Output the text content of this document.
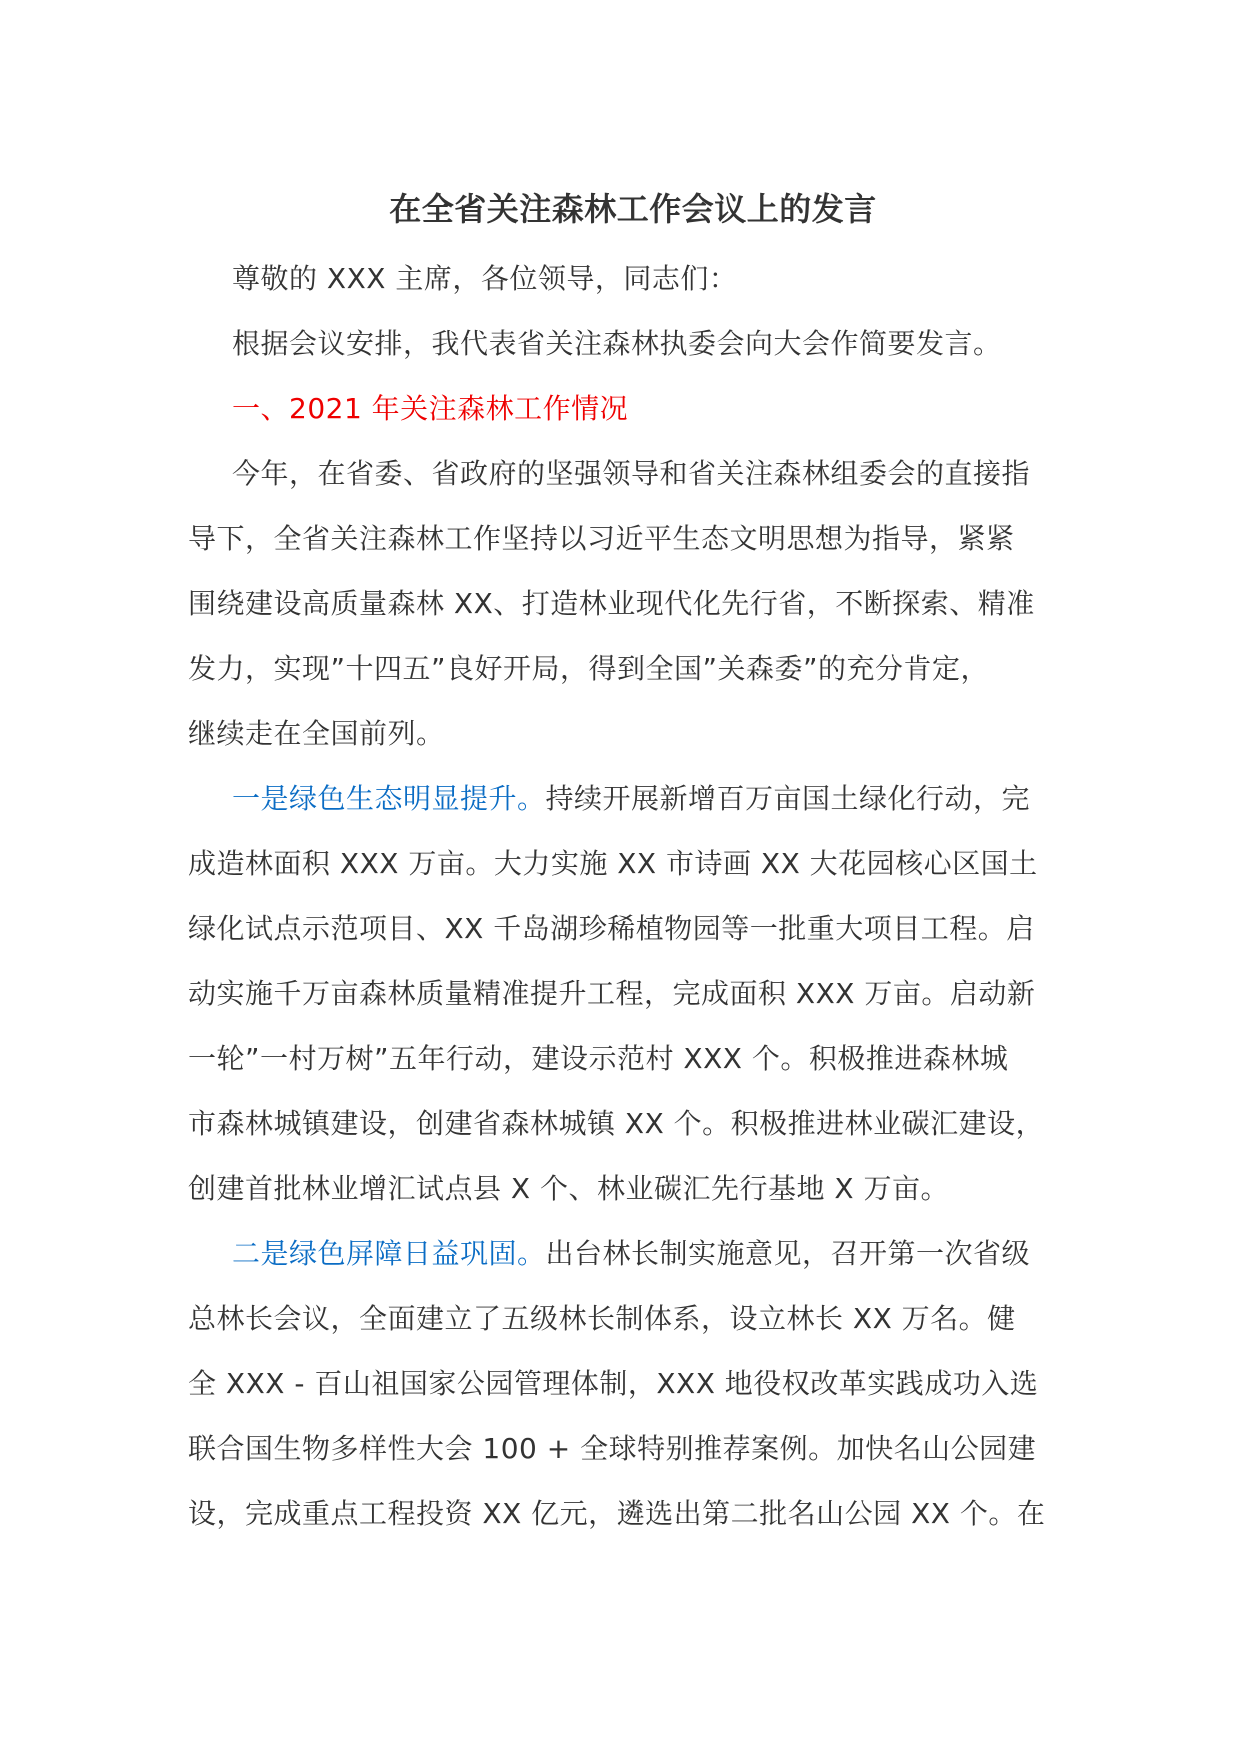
在全省关注森林工作会议上的发言
尊敬的 XXX 主席，各位领导，同志们：
根据会议安排，我代表省关注森林执委会向大会作简要发言。
一、2021 年关注森林工作情况
今年，在省委、省政府的坚强领导和省关注森林组委会的直接指
导下，全省关注森林工作坚持以习近平生态文明思想为指导，紧紧
围绕建设高质量森林 XX、打造林业现代化先行省，不断探索、精准
发力，实现”十四五”良好开局，得到全国”关森委”的充分肯定，
继续走在全国前列。
一是绿色生态明显提升。持续开展新增百万亩国土绿化行动，完
成造林面积 XXX 万亩。大力实施 XX 市诗画 XX 大花园核心区国土
绿化试点示范项目、XX 千岛湖珍稀植物园等一批重大项目工程。启
动实施千万亩森林质量精准提升工程，完成面积 XXX 万亩。启动新
一轮”一村万树”五年行动，建设示范村 XXX 个。积极推进森林城
市森林城镇建设，创建省森林城镇 XX 个。积极推进林业碳汇建设，
创建首批林业增汇试点县 X 个、林业碳汇先行基地 X 万亩。
二是绿色屏障日益巩固。出台林长制实施意见，召开第一次省级
总林长会议，全面建立了五级林长制体系，设立林长 XX 万名。健
全 XXX - 百山祖国家公园管理体制，XXX 地役权改革实践成功入选
联合国生物多样性大会 100 + 全球特别推荐案例。加快名山公园建
设，完成重点工程投资 XX 亿元，遴选出第二批名山公园 XX 个。在
